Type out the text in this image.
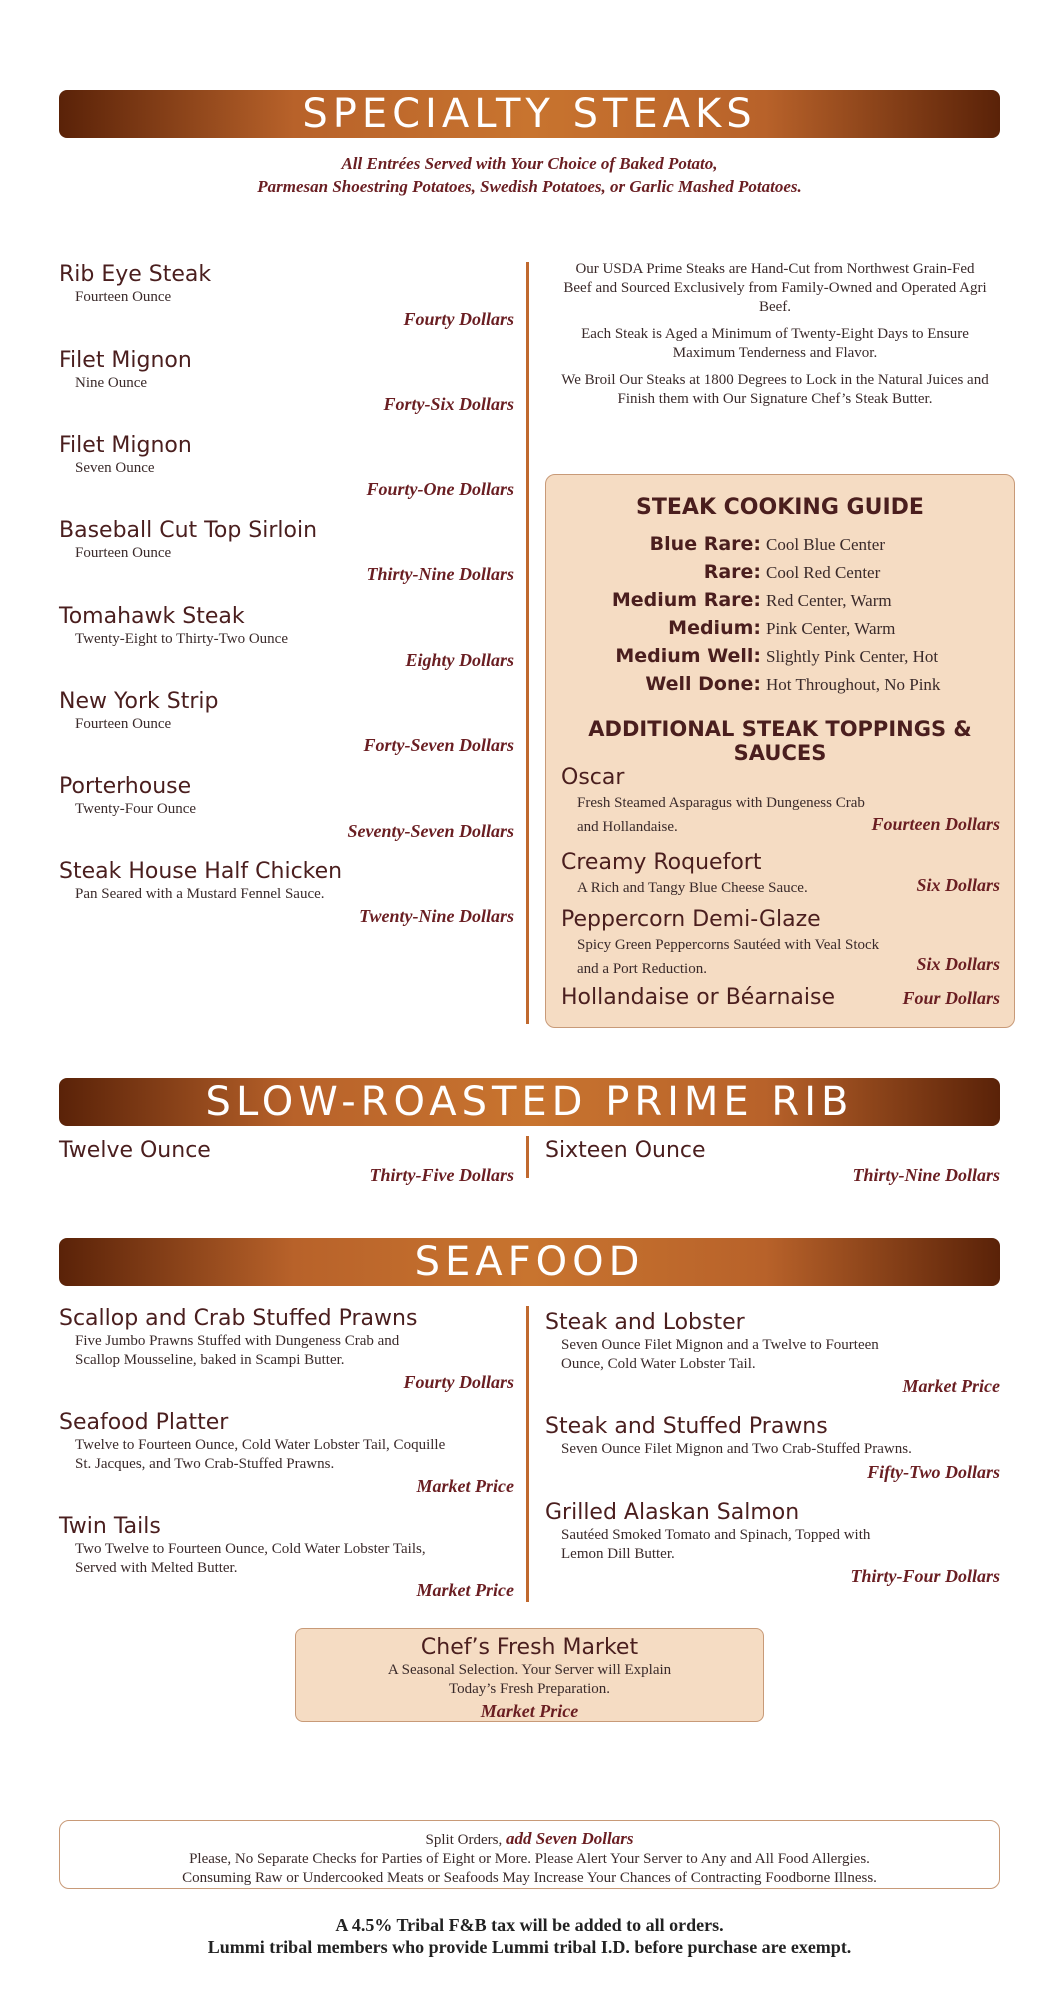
SPECIALTY STEAKS
All Entrées Served with Your Choice of Baked Potato,
Parmesan Shoestring Potatoes, Swedish Potatoes, or Garlic Mashed Potatoes.
Rib Eye Steak
Fourteen Ounce
Fourty Dollars
Filet Mignon
Nine Ounce
Forty-Six Dollars
Filet Mignon
Seven Ounce
Fourty-One Dollars
Baseball Cut Top Sirloin
Fourteen Ounce
Thirty-Nine Dollars
Tomahawk Steak
Twenty-Eight to Thirty-Two Ounce
Eighty Dollars
New York Strip
Fourteen Ounce
Forty-Seven Dollars
Porterhouse
Twenty-Four Ounce
Seventy-Seven Dollars
Steak House Half Chicken
Pan Seared with a Mustard Fennel Sauce.
Twenty-Nine Dollars

Our USDA Prime Steaks are Hand-Cut from Northwest Grain-Fed Beef and Sourced Exclusively from Family-Owned and Operated Agri Beef.

Each Steak is Aged a Minimum of Twenty-Eight Days to Ensure Maximum Tenderness and Flavor.

We Broil Our Steaks at 1800 Degrees to Lock in the Natural Juices and Finish them with Our Signature Chef’s Steak Butter.

STEAK COOKING GUIDE
Blue Rare: Cool Blue Center
Rare: Cool Red Center
Medium Rare: Red Center, Warm
Medium: Pink Center, Warm
Medium Well: Slightly Pink Center, Hot
Well Done: Hot Throughout, No Pink
ADDITIONAL STEAK TOPPINGS & SAUCES
Oscar
Fresh Steamed Asparagus with Dungeness Crab
and Hollandaise.	Fourteen Dollars
Creamy Roquefort
A Rich and Tangy Blue Cheese Sauce.	Six Dollars
Peppercorn Demi-Glaze
Spicy Green Peppercorns Sautéed with Veal Stock
and a Port Reduction.	Six Dollars
Hollandaise or Béarnaise	Four Dollars
SLOW-ROASTED PRIME RIB
Twelve Ounce
Thirty-Five Dollars
Sixteen Ounce
Thirty-Nine Dollars
SEAFOOD
Scallop and Crab Stuffed Prawns
Five Jumbo Prawns Stuffed with Dungeness Crab and
Scallop Mousseline, baked in Scampi Butter.
Fourty Dollars
Seafood Platter
Twelve to Fourteen Ounce, Cold Water Lobster Tail, Coquille
St. Jacques, and Two Crab-Stuffed Prawns.
Market Price
Twin Tails
Two Twelve to Fourteen Ounce, Cold Water Lobster Tails,
Served with Melted Butter.
Market Price
Steak and Lobster
Seven Ounce Filet Mignon and a Twelve to Fourteen
Ounce, Cold Water Lobster Tail.
Market Price
Steak and Stuffed Prawns
Seven Ounce Filet Mignon and Two Crab-Stuffed Prawns.
Fifty-Two Dollars
Grilled Alaskan Salmon
Sautéed Smoked Tomato and Spinach, Topped with
Lemon Dill Butter.
Thirty-Four Dollars
Chef’s Fresh Market
A Seasonal Selection. Your Server will Explain
Today’s Fresh Preparation.
Market Price
Split Orders, add Seven Dollars
Please, No Separate Checks for Parties of Eight or More. Please Alert Your Server to Any and All Food Allergies.
Consuming Raw or Undercooked Meats or Seafoods May Increase Your Chances of Contracting Foodborne Illness.
A 4.5% Tribal F&B tax will be added to all orders.
Lummi tribal members who provide Lummi tribal I.D. before purchase are exempt.
